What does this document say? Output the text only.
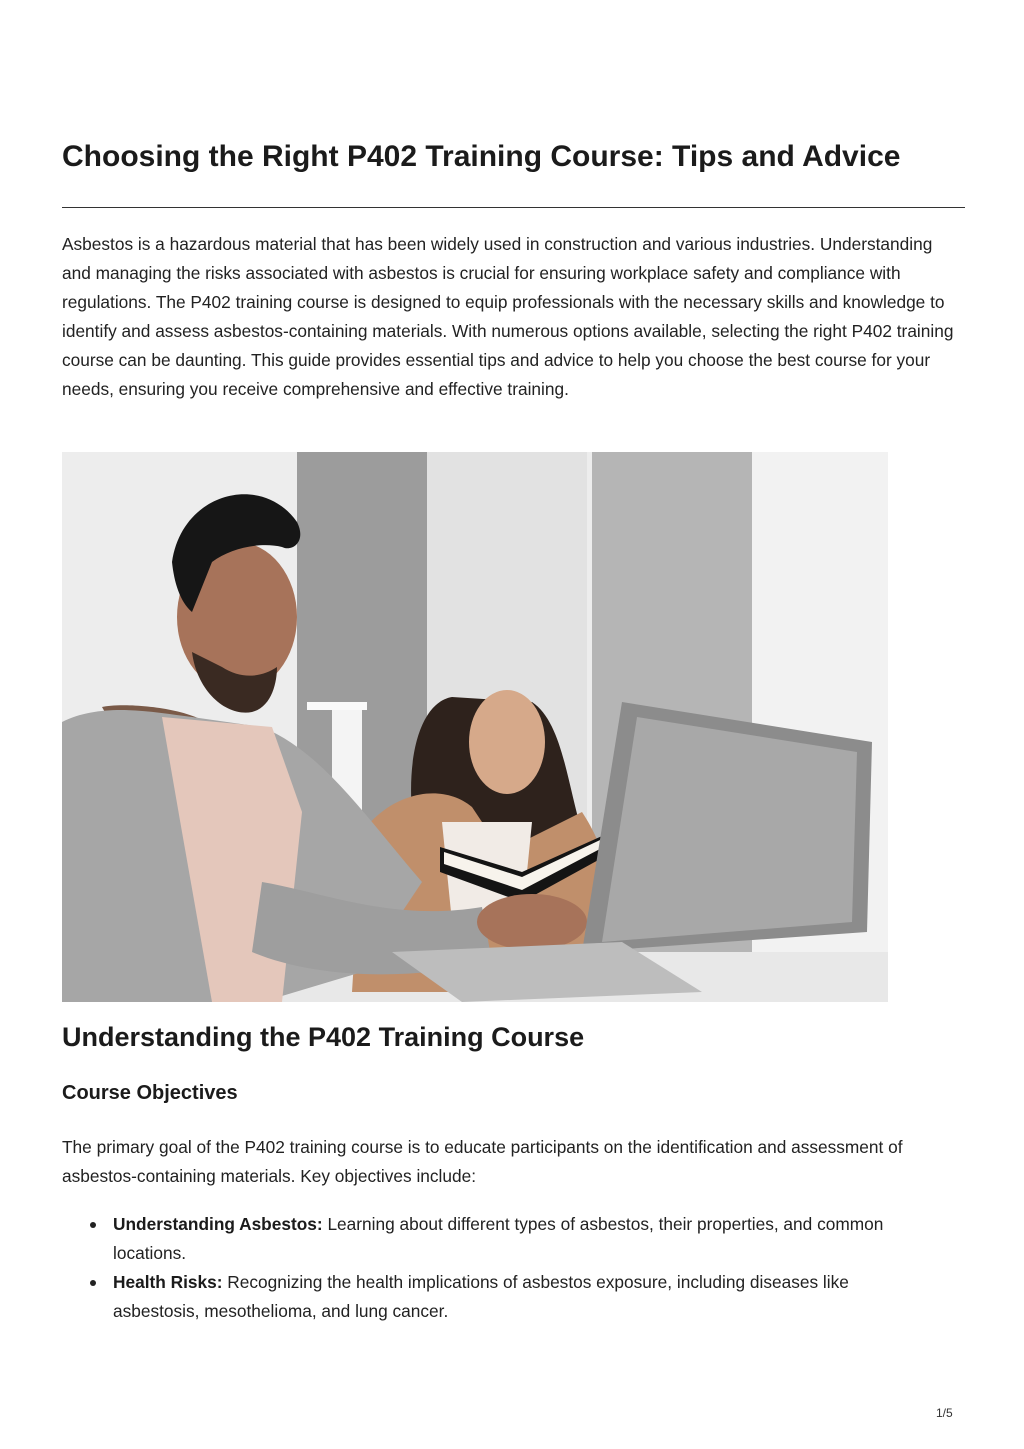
Choosing the Right P402 Training Course: Tips and Advice

Asbestos is a hazardous material that has been widely used in construction and various industries. Understanding and managing the risks associated with asbestos is crucial for ensuring workplace safety and compliance with regulations. The P402 training course is designed to equip professionals with the necessary skills and knowledge to identify and assess asbestos-containing materials. With numerous options available, selecting the right P402 training course can be daunting. This guide provides essential tips and advice to help you choose the best course for your needs, ensuring you receive comprehensive and effective training.

Understanding the P402 Training Course
Course Objectives

The primary goal of the P402 training course is to educate participants on the identification and assessment of asbestos-containing materials. Key objectives include:

Understanding Asbestos: Learning about different types of asbestos, their properties, and common locations.
Health Risks: Recognizing the health implications of asbestos exposure, including diseases like asbestosis, mesothelioma, and lung cancer.
1/5
